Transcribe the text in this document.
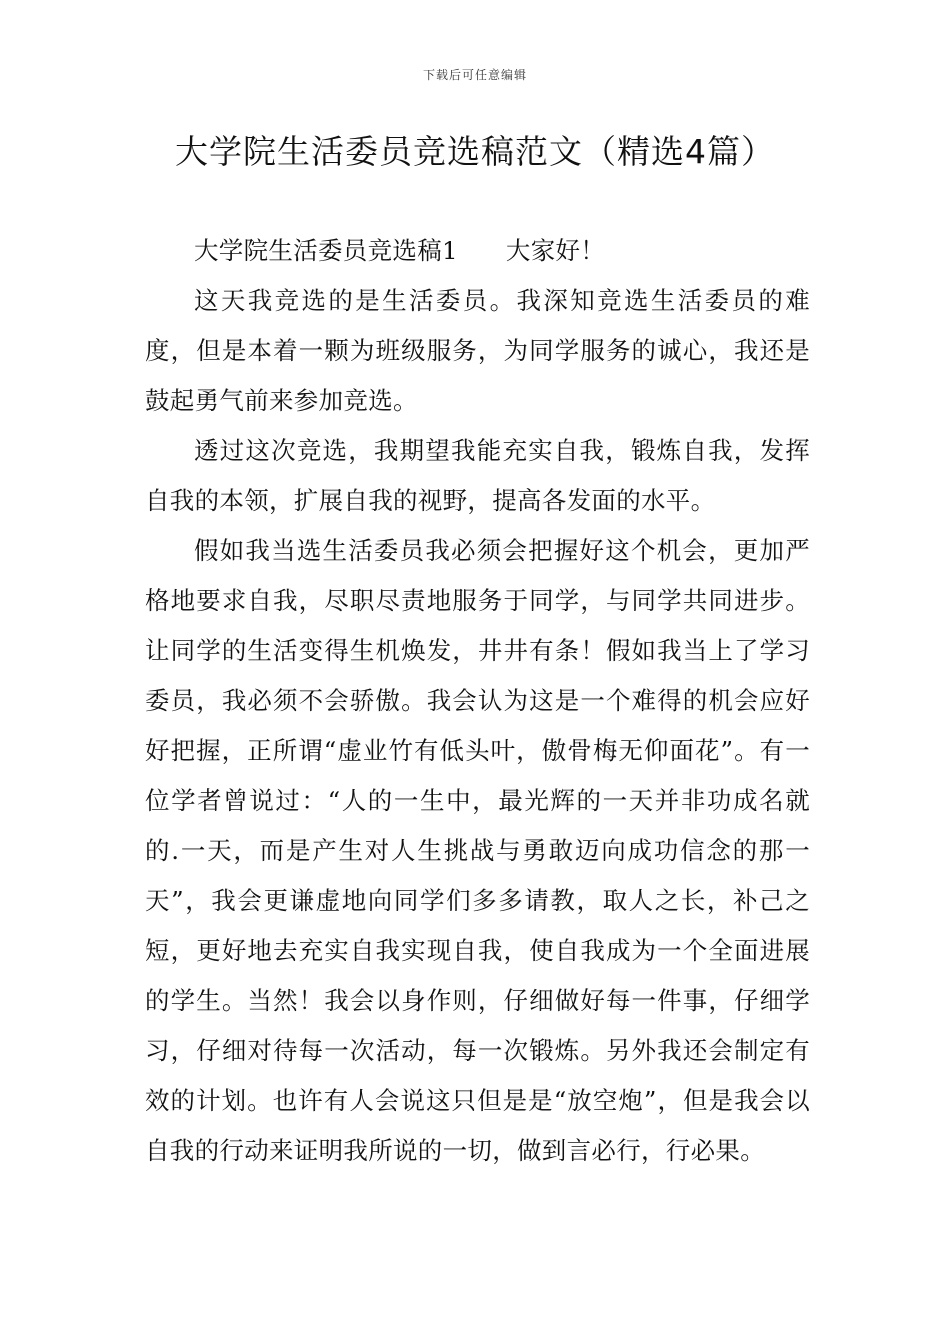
下载后可任意编辑
大学院生活委员竞选稿范文（精选4篇）

大学院生活委员竞选稿1 大家好！

这天我竞选的是生活委员。我深知竞选生活委员的难度，但是本着一颗为班级服务，为同学服务的诚心，我还是鼓起勇气前来参加竞选。

透过这次竞选，我期望我能充实自我，锻炼自我，发挥自我的本领，扩展自我的视野，提高各发面的水平。

假如我当选生活委员我必须会把握好这个机会，更加严格地要求自我，尽职尽责地服务于同学，与同学共同进步。让同学的生活变得生机焕发，井井有条！假如我当上了学习委员，我必须不会骄傲。我会认为这是一个难得的机会应好好把握，正所谓“虚业竹有低头叶，傲骨梅无仰面花”。有一位学者曾说过：“人的一生中，最光辉的一天并非功成名就的.一天，而是产生对人生挑战与勇敢迈向成功信念的那一天”，我会更谦虚地向同学们多多请教，取人之长，补己之短，更好地去充实自我实现自我，使自我成为一个全面进展的学生。当然！我会以身作则，仔细做好每一件事，仔细学习，仔细对待每一次活动，每一次锻炼。另外我还会制定有效的计划。也许有人会说这只但是是“放空炮”，但是我会以自我的行动来证明我所说的一切，做到言必行，行必果。
